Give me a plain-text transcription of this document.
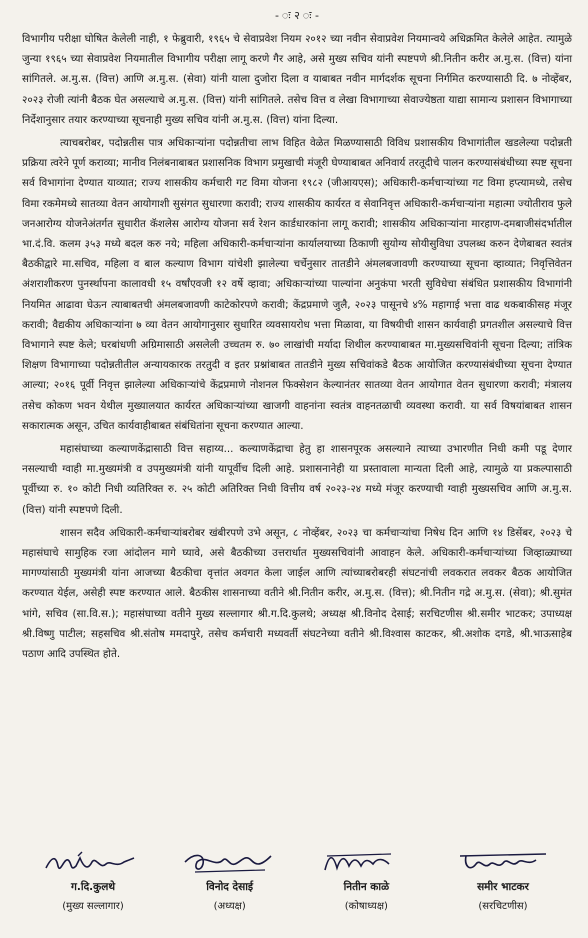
- ः २ ः -

विभागीय परीक्षा घोषित केलेली नाही, १ फेब्रुवारी, १९६५ चे सेवाप्रवेश नियम २०१२ च्या नवीन सेवाप्रवेश नियमान्वये अधिक्रमित केलेले आहेत. त्यामुळे जुन्या १९६५ च्या सेवाप्रवेश नियमातील विभागीय परीक्षा लागू करणे गैर आहे, असे मुख्य सचिव यांनी स्पष्टपणे श्री.नितीन करीर अ.मु.स. (वित्त) यांना सांगितले. अ.मु.स. (वित्त) आणि अ.मु.स. (सेवा) यांनी याला दुजोरा दिला व याबाबत नवीन मार्गदर्शक सूचना निर्गमित करण्यासाठी दि. ७ नोव्हेंबर, २०२३ रोजी त्यांनी बैठक घेत असल्याचे अ.मु.स. (वित्त) यांनी सांगितले. तसेच वित्त व लेखा विभागाच्या सेवाज्येष्ठता याद्या सामान्य प्रशासन विभागाच्या निर्देशानुसार तयार करण्याच्या सूचनाही मुख्य सचिव यांनी अ.मु.स. (वित्त) यांना दिल्या.

त्याचबरोबर, पदोन्नतीस पात्र अधिकाऱ्यांना पदोन्नतीचा लाभ विहित वेळेत मिळण्यासाठी विविध प्रशासकीय विभागांतील खडलेल्या पदोन्नती प्रक्रिया त्वरेने पूर्ण कराव्या; मानीव निलंबनाबाबत प्रशासनिक विभाग प्रमुखाची मंजूरी घेण्याबाबत अनिवार्य तरतूदीचे पालन करण्यासंबंधीच्या स्पष्ट सूचना सर्व विभागांना देण्यात याव्यात; राज्य शासकीय कर्मचारी गट विमा योजना १९८२ (जीआयएस); अधिकारी-कर्मचाऱ्यांच्या गट विमा हप्त्यामध्ये, तसेच विमा रकमेमध्ये सातव्या वेतन आयोगाशी सुसंगत सुधारणा करावी; राज्य शासकीय कार्यरत व सेवानिवृत्त अधिकारी-कर्मचाऱ्यांना महात्मा ज्योतीराव फुले जनआरोग्य योजनेअंतर्गत सुधारीत कॅशलेस आरोग्य योजना सर्व रेशन कार्डधारकांना लागू करावी; शासकीय अधिकाऱ्यांना मारहाण-दमबाजीसंदर्भातील भा.दं.वि. कलम ३५३ मध्ये बदल करु नये; महिला अधिकारी-कर्मचाऱ्यांना कार्यालयाच्या ठिकाणी सुयोग्य सोयीसुविधा उपलब्ध करुन देणेबाबत स्वतंत्र बैठकीद्वारे मा.सचिव, महिला व बाल कल्याण विभाग यांचेशी झालेल्या चर्चेनुसार तातडीने अंमलबजावणी करण्याच्या सूचना व्हाव्यात; निवृत्तिवेतन अंशराशीकरण पुनर्स्थापना कालावधी १५ वर्षांएवजी १२ वर्षे व्हावा; अधिकाऱ्यांच्या पाल्यांना अनुकंपा भरती सुविधेचा संबंधित प्रशासकीय विभागांनी नियमित आढावा घेऊन त्याबाबतची अंमलबजावणी काटेकोरपणे करावी; केंद्रप्रमाणे जुलै, २०२३ पासूनचे ४% महागाई भत्ता वाढ थकबाकीसह मंजूर करावी; वैद्यकीय अधिकाऱ्यांना ७ व्या वेतन आयोगानुसार सुधारित व्यवसायरोध भत्ता मिळावा, या विषयीची शासन कार्यवाही प्रगतशील असल्याचे वित्त विभागाने स्पष्ट केले; घरबांधणी अग्रिमासाठी असलेली उच्चतम रु. ७० लाखांची मर्यादा शिथील करण्याबाबत मा.मुख्यसचिवांनी सूचना दिल्या; तांत्रिक शिक्षण विभागाच्या पदोन्नतीतील अन्यायकारक तरतुदी व इतर प्रश्नांबाबत तातडीने मुख्य सचिवांकडे बैठक आयोजित करण्यासंबंधीच्या सूचना देण्यात आल्या; २०१६ पूर्वी निवृत्त झालेल्या अधिकाऱ्यांचे केंद्रप्रमाणे नोशनल फिक्सेशन केल्यानंतर सातव्या वेतन आयोगात वेतन सुधारणा करावी; मंत्रालय तसेच कोकण भवन येथील मुख्यालयात कार्यरत अधिकाऱ्यांच्या खाजगी वाहनांना स्वतंत्र वाहनतळाची व्यवस्था करावी. या सर्व विषयांबाबत शासन सकारात्मक असून, उचित कार्यवाहीबाबत संबंधितांना सूचना करण्यात आल्या.

महासंघाच्या कल्याणकेंद्रासाठी वित्त सहाय्य... कल्याणकेंद्राचा हेतु हा शासनपूरक असल्याने त्याच्या उभारणीत निधी कमी पडू देणार नसल्याची ग्वाही मा.मुख्यमंत्री व उपमुख्यमंत्री यांनी यापूर्वीच दिली आहे. प्रशासनानेही या प्रस्तावाला मान्यता दिली आहे, त्यामुळे या प्रकल्पासाठी पूर्वीच्या रु. १० कोटी निधी व्यतिरिक्त रु. २५ कोटी अतिरिक्त निधी वित्तीय वर्ष २०२३-२४ मध्ये मंजूर करण्याची ग्वाही मुख्यसचिव आणि अ.मु.स. (वित्त) यांनी स्पष्टपणे दिली.

शासन सदैव अधिकारी-कर्मचाऱ्यांबरोबर खंबीरपणे उभे असून, ८ नोव्हेंबर, २०२३ चा कर्मचाऱ्यांचा निषेध दिन आणि १४ डिसेंबर, २०२३ चे महासंघाचे सामुहिक रजा आंदोलन मागे घ्यावे, असे बैठकीच्या उत्तरार्धात मुख्यसचिवांनी आवाहन केले. अधिकारी-कर्मचाऱ्यांच्या जिव्हाळ्याच्या मागण्यांसाठी मुख्यमंत्री यांना आजच्या बैठकीचा वृत्तांत अवगत केला जाईल आणि त्यांच्याबरोबरही संघटनांची लवकरात लवकर बैठक आयोजित करण्यात येईल, असेही स्पष्ट करण्यात आले. बैठकीस शासनाच्या वतीने श्री.नितीन करीर, अ.मु.स. (वित्त); श्री.नितीन गद्रे अ.मु.स. (सेवा); श्री.सुमंत भांगे, सचिव (सा.वि.स.); महासंघाच्या वतीने मुख्य सल्लागार श्री.ग.दि.कुलथे; अध्यक्ष श्री.विनोद देसाई; सरचिटणीस श्री.समीर भाटकर; उपाध्यक्ष श्री.विष्णु पाटील; सहसचिव श्री.संतोष ममदापुरे, तसेच कर्मचारी मध्यवर्ती संघटनेच्या वतीने श्री.विश्वास काटकर, श्री.अशोक दगडे, श्री.भाऊसाहेब पठाण आदि उपस्थित होते.

ग.दि.कुलथे
(मुख्य सल्लागार)
विनोद देसाई
(अध्यक्ष)
नितीन काळे
(कोषाध्यक्ष)
समीर भाटकर
(सरचिटणीस)
